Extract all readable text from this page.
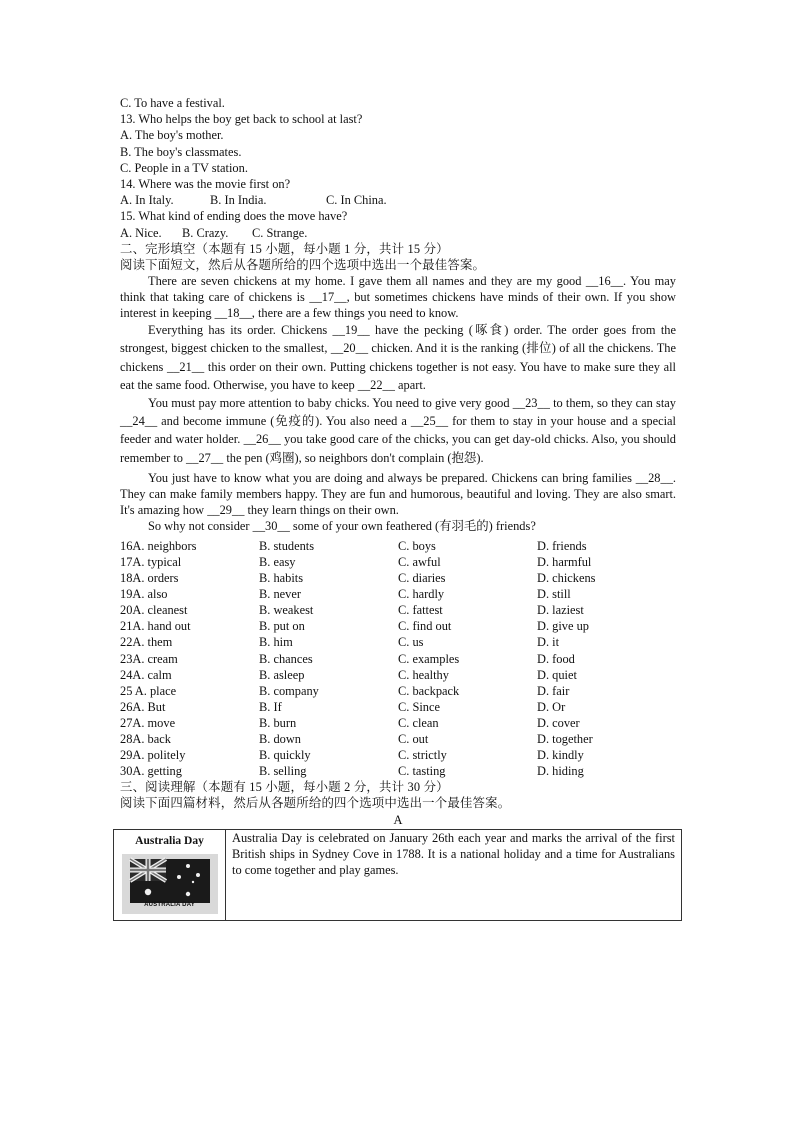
C. To have a festival.
13. Who helps the boy get back to school at last?
A. The boy's mother.
B. The boy's classmates.
C. People in a TV station.
14. Where was the movie first on?
A. In Italy.	B. In India.	C. In China.
15. What kind of ending does the move have?
A. Nice.	B. Crazy.	C. Strange.
二、完形填空（本题有 15 小题，每小题 1 分，共计 15 分）
阅读下面短文，然后从各题所给的四个选项中选出一个最佳答案。

There are seven chickens at my home. I gave them all names and they are my good __16__. You may think that taking care of chickens is __17__, but sometimes chickens have minds of their own. If you show interest in keeping __18__, there are a few things you need to know.

Everything has its order. Chickens __19__ have the pecking (啄食) order. The order goes from the strongest, biggest chicken to the smallest, __20__ chicken. And it is the ranking (排位) of all the chickens. The chickens __21__ this order on their own. Putting chickens together is not easy. You have to make sure they all eat the same food. Otherwise, you have to keep __22__ apart.

You must pay more attention to baby chicks. You need to give very good __23__ to them, so they can stay __24__ and become immune (免疫的). You also need a __25__ for them to stay in your house and a special feeder and water holder. __26__ you take good care of the chicks, you can get day-old chicks. Also, you should remember to __27__ the pen (鸡圈), so neighbors don't complain (抱怨).

You just have to know what you are doing and always be prepared. Chickens can bring families __28__. They can make family members happy. They are fun and humorous, beautiful and loving. They are also smart. It's amazing how __29__ they learn things on their own.

So why not consider __30__ some of your own feathered (有羽毛的) friends?

16A. neighbors	B. students	C. boys	D. friends
17A. typical	B. easy	C. awful	D. harmful
18A. orders	B. habits	C. diaries	D. chickens
19A. also	B. never	C. hardly	D. still
20A. cleanest	B. weakest	C. fattest	D. laziest
21A. hand out	B. put on	C. find out	D. give up
22A. them	B. him	C. us	D. it
23A. cream	B. chances	C. examples	D. food
24A. calm	B. asleep	C. healthy	D. quiet
25 A. place	B. company	C. backpack	D. fair
26A. But	B. If	C. Since	D. Or
27A. move	B. burn	C. clean	D. cover
28A. back	B. down	C. out	D. together
29A. politely	B. quickly	C. strictly	D. kindly
30A. getting	B. selling	C. tasting	D. hiding
三、阅读理解（本题有 15 小题，每小题 2 分，共计 30 分）
阅读下面四篇材料，然后从各题所给的四个选项中选出一个最佳答案。
A
Australia Day
AUSTRALIA DAY
	Australia Day is celebrated on January 26th each year and marks the arrival of the first British ships in Sydney Cove in 1788. It is a national holiday and a time for Australians to come together and play games.
